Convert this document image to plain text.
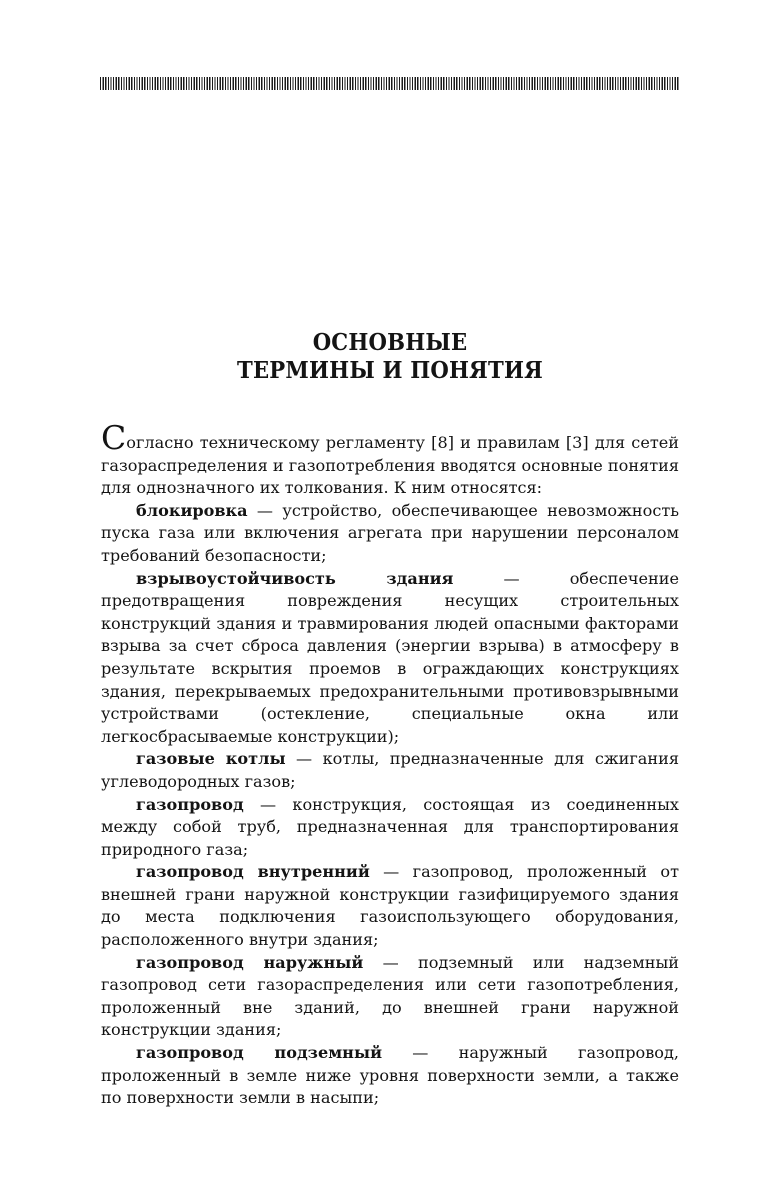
ОСНОВНЫЕ
ТЕРМИНЫ И ПОНЯТИЯ

Согласно техническому регламенту [8] и правилам [3] для сетей газораспределения и газопотребления вводятся основные понятия для однозначного их толкования. К ним относятся:

блокировка — устройство, обеспечивающее невозможность пуска газа или включения агрегата при нарушении персоналом требований безопасности;

взрывоустойчивость здания — обеспечение предотвращения повреждения несущих строительных конструкций здания и травмирования людей опасными факторами взрыва за счет сброса давления (энергии взрыва) в атмосферу в результате вскрытия проемов в ограждающих конструкциях здания, перекрываемых предохранительными противовзрывными устройствами (остекление, специальные окна или легкосбрасываемые конструкции);

газовые котлы — котлы, предназначенные для сжигания углеводородных газов;

газопровод — конструкция, состоящая из соединенных между собой труб, предназначенная для транспортирования природного газа;

газопровод внутренний — газопровод, проложенный от внешней грани наружной конструкции газифицируемого здания до места подключения газоиспользующего оборудования, расположенного внутри здания;

газопровод наружный — подземный или надземный газопровод сети газораспределения или сети газопотребления, проложенный вне зданий, до внешней грани наружной конструкции здания;

газопровод подземный — наружный газопровод, проложенный в земле ниже уровня поверхности земли, а также по поверхности земли в насыпи;
